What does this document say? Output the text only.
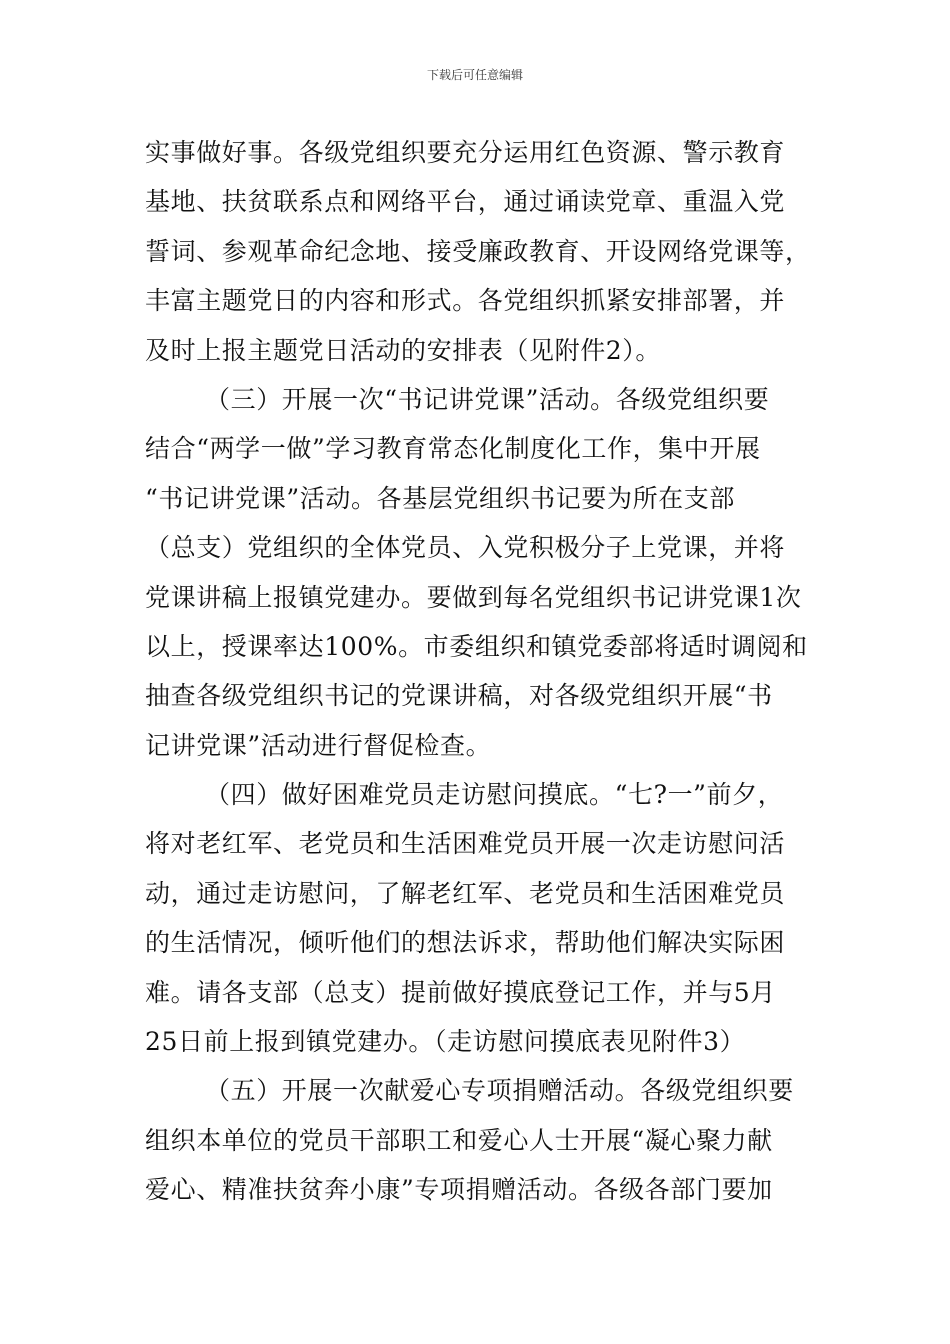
下载后可任意编辑
实事做好事。各级党组织要充分运用红色资源、警示教育
基地、扶贫联系点和网络平台，通过诵读党章、重温入党
誓词、参观革命纪念地、接受廉政教育、开设网络党课等，
丰富主题党日的内容和形式。各党组织抓紧安排部署，并
及时上报主题党日活动的安排表（见附件2）。
（三）开展一次“书记讲党课”活动。各级党组织要
结合“两学一做”学习教育常态化制度化工作，集中开展
“书记讲党课”活动。各基层党组织书记要为所在支部
（总支）党组织的全体党员、入党积极分子上党课，并将
党课讲稿上报镇党建办。要做到每名党组织书记讲党课1次
以上，授课率达100%。市委组织和镇党委部将适时调阅和
抽查各级党组织书记的党课讲稿，对各级党组织开展“书
记讲党课”活动进行督促检查。
（四）做好困难党员走访慰问摸底。“七?一”前夕，
将对老红军、老党员和生活困难党员开展一次走访慰问活
动，通过走访慰问，了解老红军、老党员和生活困难党员
的生活情况，倾听他们的想法诉求，帮助他们解决实际困
难。请各支部（总支）提前做好摸底登记工作，并与5月
25日前上报到镇党建办。（走访慰问摸底表见附件3）
（五）开展一次献爱心专项捐赠活动。各级党组织要
组织本单位的党员干部职工和爱心人士开展“凝心聚力献
爱心、精准扶贫奔小康”专项捐赠活动。各级各部门要加
